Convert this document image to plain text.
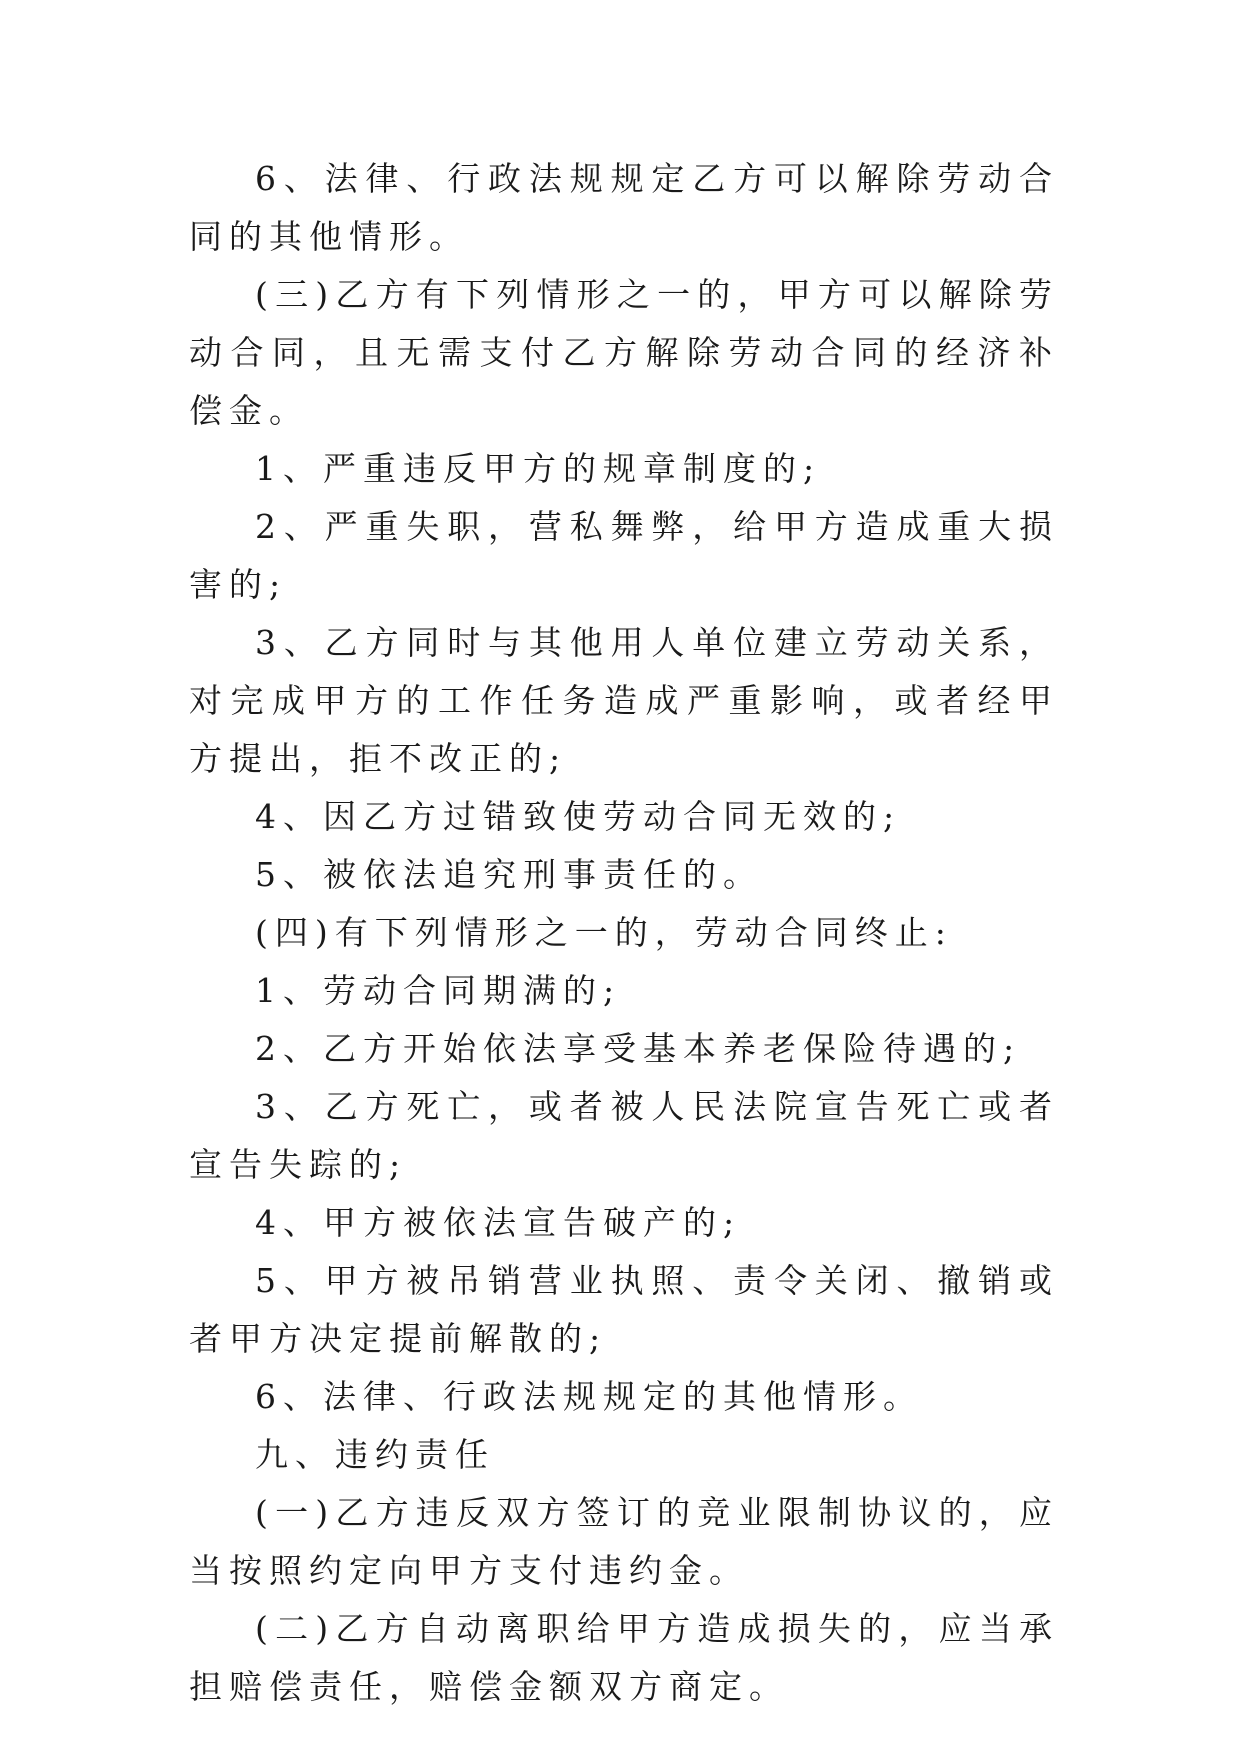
6、法律、行政法规规定乙方可以解除劳动合同的其他情形。

(三)乙方有下列情形之一的，甲方可以解除劳动合同，且无需支付乙方解除劳动合同的经济补偿金。

1、严重违反甲方的规章制度的;

2、严重失职，营私舞弊，给甲方造成重大损害的;

3、乙方同时与其他用人单位建立劳动关系，对完成甲方的工作任务造成严重影响，或者经甲方提出，拒不改正的;

4、因乙方过错致使劳动合同无效的;

5、被依法追究刑事责任的。

(四)有下列情形之一的，劳动合同终止:

1、劳动合同期满的;

2、乙方开始依法享受基本养老保险待遇的;

3、乙方死亡，或者被人民法院宣告死亡或者宣告失踪的;

4、甲方被依法宣告破产的;

5、甲方被吊销营业执照、责令关闭、撤销或者甲方决定提前解散的;

6、法律、行政法规规定的其他情形。

九、违约责任

(一)乙方违反双方签订的竞业限制协议的，应当按照约定向甲方支付违约金。

(二)乙方自动离职给甲方造成损失的，应当承担赔偿责任，赔偿金额双方商定。
